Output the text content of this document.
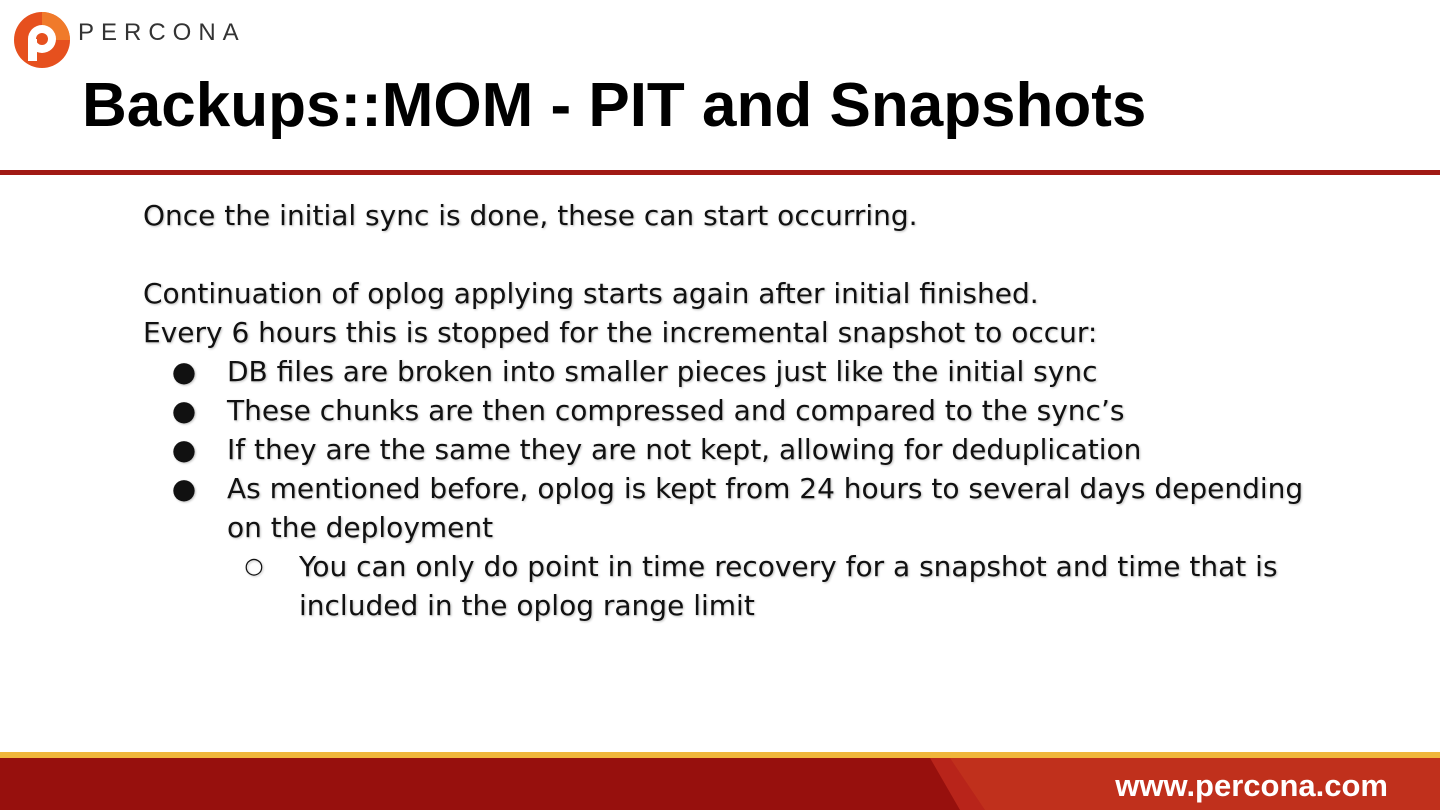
PERCONA
Backups::MOM - PIT and Snapshots

Once the initial sync is done, these can start occurring.

Continuation of oplog applying starts again after initial finished.

Every 6 hours this is stopped for the incremental snapshot to occur:

● DB files are broken into smaller pieces just like the initial sync
● These chunks are then compressed and compared to the sync’s
● If they are the same they are not kept, allowing for deduplication
● As mentioned before, oplog is kept from 24 hours to several days depending on the deployment
○ You can only do point in time recovery for a snapshot and time that is included in the oplog range limit
www.percona.com
